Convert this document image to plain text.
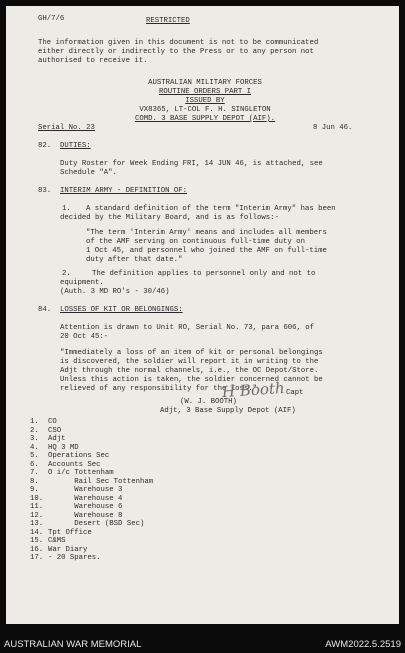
GH/7/6	RESTRICTED
The information given in this document is not to be communicated
either directly or indirectly to the Press or to any person not
authorised to receive it.
AUSTRALIAN MILITARY FORCES
ROUTINE ORDERS PART I
ISSUED BY
VX8365, LT-COL F. H. SINGLETON
COMD. 3 BASE SUPPLY DEPOT (AIF).
Serial No. 23	8 Jun 46.
82. DUTIES:
Duty Roster for Week Ending FRI, 14 JUN 46, is attached, see
Schedule "A".
83. INTERIM ARMY - DEFINITION OF:
1. A standard definition of the term "Interim Army" has been
decided by the Military Board, and is as follows:-
"The term 'Interim Army' means and includes all members
of the AMF serving on continuous full-time duty on
1 Oct 45, and personnel who joined the AMF on full-time
duty after that date."
2.	The definition applies to personnel only and not to
equipment.
(Auth. 3 MD RO's - 30/46)
84. LOSSES OF KIT OR BELONGINGS:
Attention is drawn to Unit RO, Serial No. 73, para 606, of
20 Oct 45:-
"Immediately a loss of an item of kit or personal belongings
is discovered, the soldier will report it in writing to the
Adjt through the normal channels, i.e., the OC Depot/Store.
Unless this action is taken, the soldier concerned cannot be
relieved of any responsibility for the loss."
H Booth Capt
(W. J. BOOTH)
Adjt, 3 Base Supply Depot (AIF)
1. CO
2. CSO
3. Adjt
4. HQ 3 MD
5. Operations Sec
6. Accounts Sec
7. O i/c Tottenham
8. Rail Sec Tottenham
9. Warehouse 3
10. Warehouse 4
11. Warehouse 6
12. Warehouse 8
13. Desert (BSD Sec)
14. Tpt Office
15. C&MS
16. War Diary
17. - 20 Spares.
AUSTRALIAN WAR MEMORIAL	AWM2022.5.2519
